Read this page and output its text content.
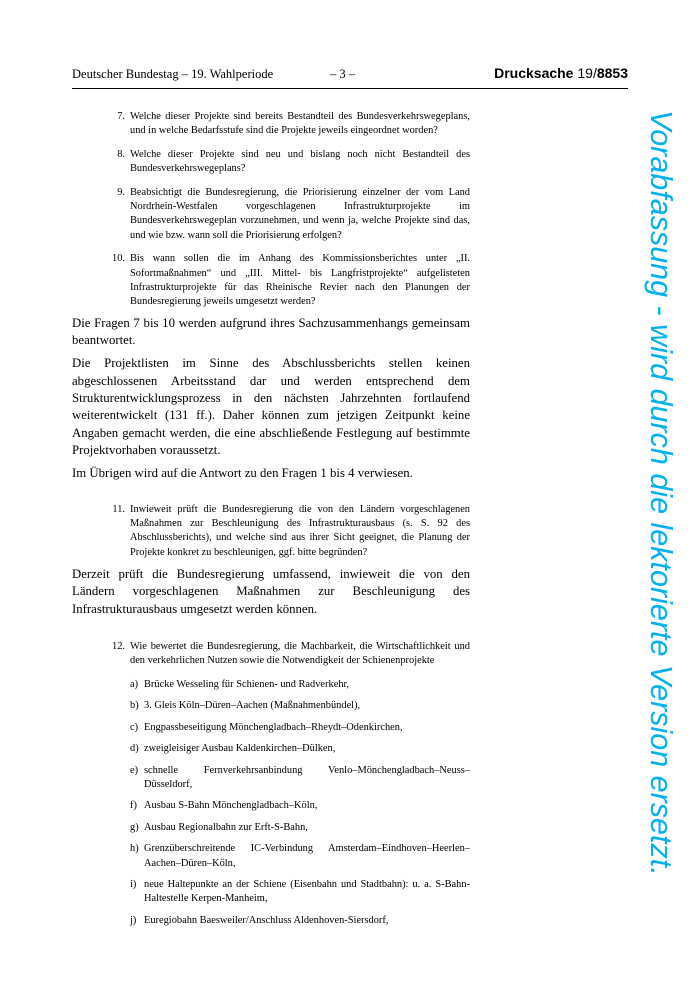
Deutscher Bundestag – 19. Wahlperiode	– 3 –	Drucksache 19/8853
7. Welche dieser Projekte sind bereits Bestandteil des Bundesverkehrswegeplans, und in welche Bedarfsstufe sind die Projekte jeweils eingeordnet worden?
8. Welche dieser Projekte sind neu und bislang noch nicht Bestandteil des Bundesverkehrswegeplans?
9. Beabsichtigt die Bundesregierung, die Priorisierung einzelner der vom Land Nordrhein-Westfalen vorgeschlagenen Infrastrukturprojekte im Bundesverkehrswegeplan vorzunehmen, und wenn ja, welche Projekte sind das, und wie bzw. wann soll die Priorisierung erfolgen?
10. Bis wann sollen die im Anhang des Kommissionsberichtes unter „II. Sofortmaßnahmen“ und „III. Mittel- bis Langfristprojekte“ aufgelisteten Infrastrukturprojekte für das Rheinische Revier nach den Planungen der Bundesregierung jeweils umgesetzt werden?

Die Fragen 7 bis 10 werden aufgrund ihres Sachzusammenhangs gemeinsam beantwortet.

Die Projektlisten im Sinne des Abschlussberichts stellen keinen abgeschlossenen Arbeitsstand dar und werden entsprechend dem Strukturentwicklungsprozess in den nächsten Jahrzehnten fortlaufend weiterentwickelt (131 ff.). Daher können zum jetzigen Zeitpunkt keine Angaben gemacht werden, die eine abschließende Festlegung auf bestimmte Projektvorhaben voraussetzt.

Im Übrigen wird auf die Antwort zu den Fragen 1 bis 4 verwiesen.

11. Inwieweit prüft die Bundesregierung die von den Ländern vorgeschlagenen Maßnahmen zur Beschleunigung des Infrastrukturausbaus (s. S. 92 des Abschlussberichts), und welche sind aus ihrer Sicht geeignet, die Planung der Projekte konkret zu beschleunigen, ggf. bitte begründen?

Derzeit prüft die Bundesregierung umfassend, inwieweit die von den Ländern vorgeschlagenen Maßnahmen zur Beschleunigung des Infrastrukturausbaus umgesetzt werden können.

12. Wie bewertet die Bundesregierung, die Machbarkeit, die Wirtschaftlichkeit und den verkehrlichen Nutzen sowie die Notwendigkeit der Schienenprojekte
a) Brücke Wesseling für Schienen- und Radverkehr,
b) 3. Gleis Köln–Düren–Aachen (Maßnahmenbündel),
c) Engpassbeseitigung Mönchengladbach–Rheydt–Odenkirchen,
d) zweigleisiger Ausbau Kaldenkirchen–Dülken,
e) schnelle Fernverkehrsanbindung Venlo–Mönchengladbach–Neuss–Düsseldorf,
f) Ausbau S-Bahn Mönchengladbach–Köln,
g) Ausbau Regionalbahn zur Erft-S-Bahn,
h) Grenzüberschreitende IC-Verbindung Amsterdam–Eindhoven–Heerlen–Aachen–Düren–Köln,
i) neue Haltepunkte an der Schiene (Eisenbahn und Stadtbahn): u. a. S-Bahn-Haltestelle Kerpen-Manheim,
j) Euregiobahn Baesweiler/Anschluss Aldenhoven-Siersdorf,
Vorabfassung - wird durch die lektorierte Version ersetzt.
